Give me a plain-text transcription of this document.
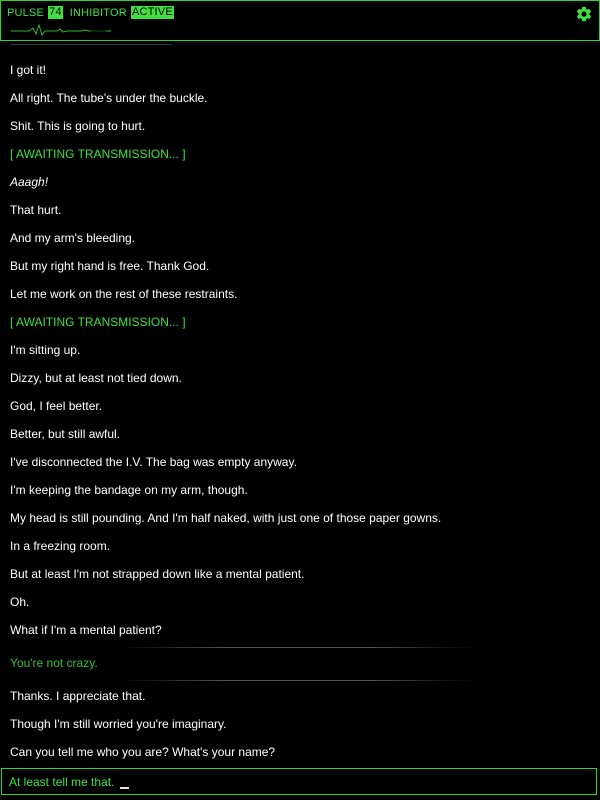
PULSE 74 INHIBITOR ACTIVE
I got it!
All right. The tube's under the buckle.
Shit. This is going to hurt.
[ AWAITING TRANSMISSION... ]
Aaagh!
That hurt.
And my arm's bleeding.
But my right hand is free. Thank God.
Let me work on the rest of these restraints.
[ AWAITING TRANSMISSION... ]
I'm sitting up.
Dizzy, but at least not tied down.
God, I feel better.
Better, but still awful.
I've disconnected the I.V. The bag was empty anyway.
I'm keeping the bandage on my arm, though.
My head is still pounding. And I'm half naked, with just one of those paper gowns.
In a freezing room.
But at least I'm not strapped down like a mental patient.
Oh.
What if I'm a mental patient?
You're not crazy.
Thanks. I appreciate that.
Though I'm still worried you're imaginary.
Can you tell me who you are? What's your name?
At least tell me that.
